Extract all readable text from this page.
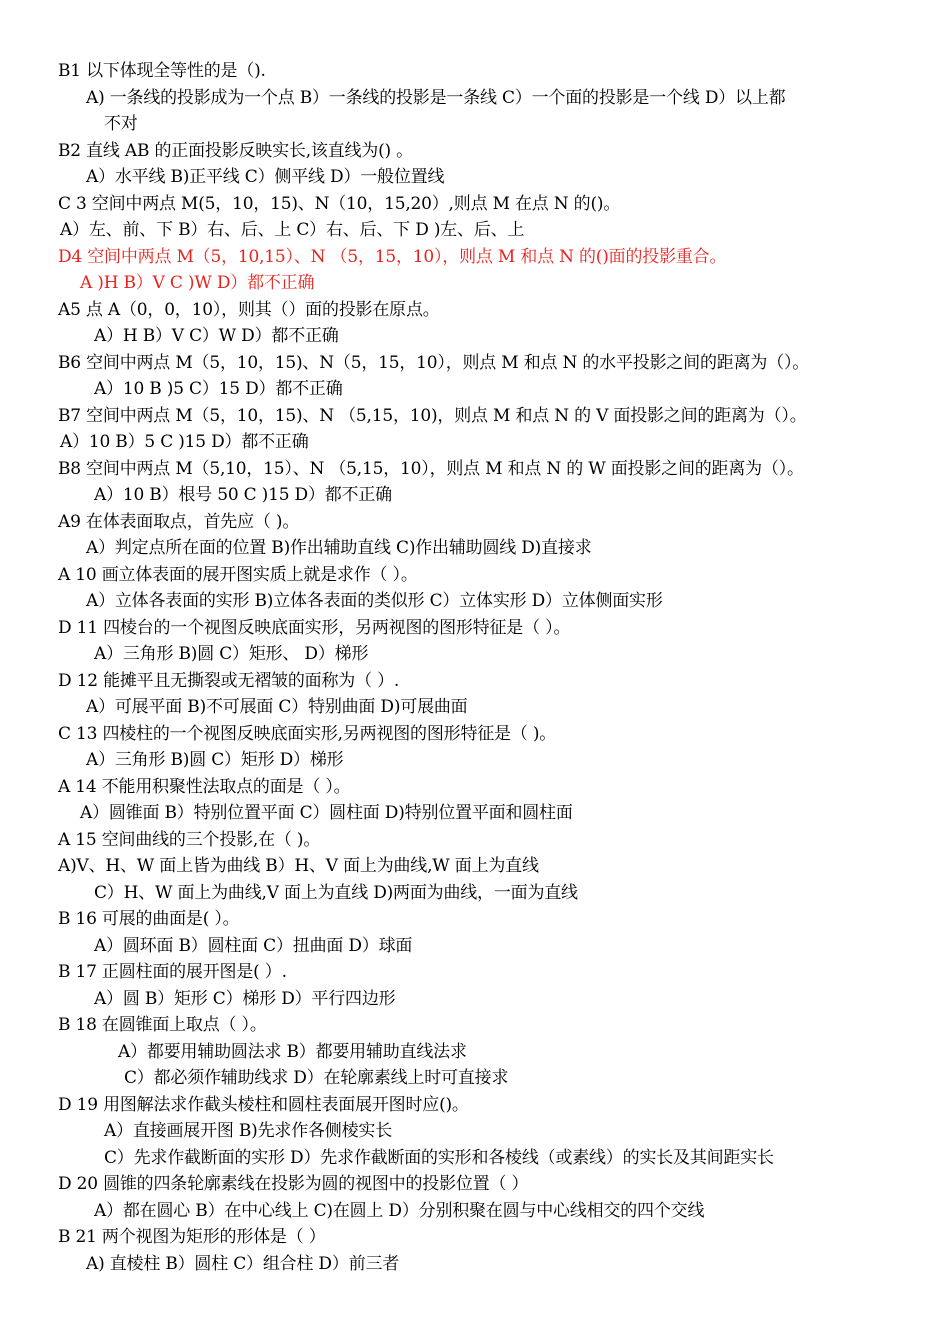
B1 以下体现全等性的是（).
A) 一条线的投影成为一个点 B）一条线的投影是一条线 C）一个面的投影是一个线 D）以上都
不对
B2 直线 AB 的正面投影反映实长,该直线为() 。
A）水平线 B)正平线 C）侧平线 D）一般位置线
C 3 空间中两点 M(5，10，15)、N（10，15,20）,则点 M 在点 N 的()。
A）左、前、下 B）右、后、上 C）右、后、下 D )左、后、上
D4 空间中两点 M（5，10,15）、N （5，15，10），则点 M 和点 N 的()面的投影重合。
A )H B）V C )W D）都不正确
A5 点 A（0，0，10），则其（）面的投影在原点。
A）H B）V C）W D）都不正确
B6 空间中两点 M（5，10，15)、N（5，15，10），则点 M 和点 N 的水平投影之间的距离为（）。
A）10 B )5 C）15 D）都不正确
B7 空间中两点 M（5，10，15)、N （5,15，10)，则点 M 和点 N 的 V 面投影之间的距离为（）。
A）10 B）5 C )15 D）都不正确
B8 空间中两点 M（5,10，15）、N （5,15，10），则点 M 和点 N 的 W 面投影之间的距离为（）。
A）10 B）根号 50 C )15 D）都不正确
A9 在体表面取点，首先应（ )。
A）判定点所在面的位置 B)作出辅助直线 C)作出辅助圆线 D)直接求
A 10 画立体表面的展开图实质上就是求作（ ）。
A）立体各表面的实形 B)立体各表面的类似形 C）立体实形 D）立体侧面实形
D 11 四棱台的一个视图反映底面实形，另两视图的图形特征是（ ）。
A）三角形 B)圆 C）矩形、 D）梯形
D 12 能摊平且无撕裂或无褶皱的面称为（ ）.
A）可展平面 B)不可展面 C）特别曲面 D)可展曲面
C 13 四棱柱的一个视图反映底面实形,另两视图的图形特征是（ )。
A）三角形 B)圆 C）矩形 D）梯形
A 14 不能用积聚性法取点的面是（ ）。
A）圆锥面 B）特别位置平面 C）圆柱面 D)特别位置平面和圆柱面
A 15 空间曲线的三个投影,在（ )。
A)V、H、W 面上皆为曲线 B）H、V 面上为曲线,W 面上为直线
C）H、W 面上为曲线,V 面上为直线 D)两面为曲线，一面为直线
B 16 可展的曲面是( ）。
A）圆环面 B）圆柱面 C）扭曲面 D）球面
B 17 正圆柱面的展开图是( ）.
A）圆 B）矩形 C）梯形 D）平行四边形
B 18 在圆锥面上取点（ ）。
A）都要用辅助圆法求 B）都要用辅助直线法求
C）都必须作辅助线求 D）在轮廓素线上时可直接求
D 19 用图解法求作截头棱柱和圆柱表面展开图时应()。
A）直接画展开图 B)先求作各侧棱实长
C）先求作截断面的实形 D）先求作截断面的实形和各棱线（或素线）的实长及其间距实长
D 20 圆锥的四条轮廓素线在投影为圆的视图中的投影位置（ ）
A）都在圆心 B）在中心线上 C)在圆上 D）分别积聚在圆与中心线相交的四个交线
B 21 两个视图为矩形的形体是（ ）
A) 直棱柱 B）圆柱 C）组合柱 D）前三者
